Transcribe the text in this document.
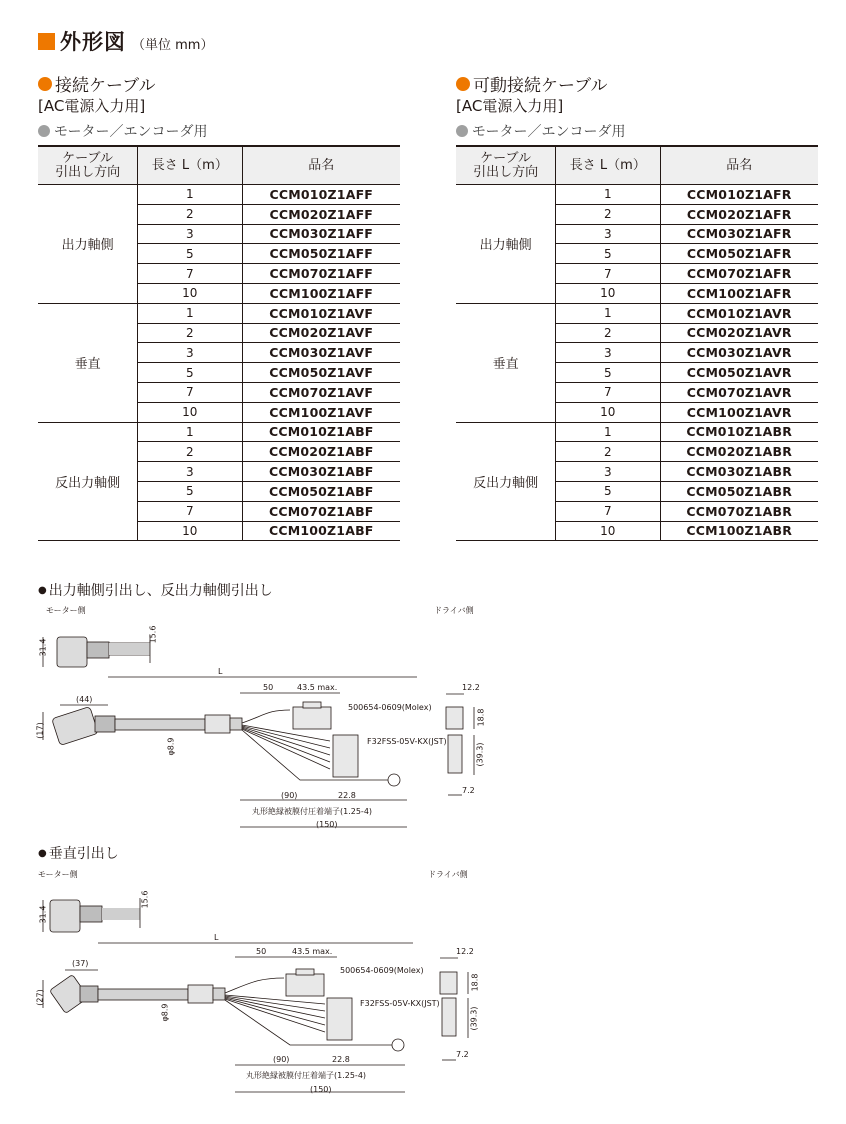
外形図 （単位 mm）
接続ケーブル
[AC電源入力用]
モーター／エンコーダ用
可動接続ケーブル
[AC電源入力用]
モーター／エンコーダ用
ケーブル
引出し方向	長さ L（m）	品名
出力軸側	1	CCM010Z1AFF
	2	CCM020Z1AFF
	3	CCM030Z1AFF
	5	CCM050Z1AFF
	7	CCM070Z1AFF
	10	CCM100Z1AFF
垂直	1	CCM010Z1AVF
	2	CCM020Z1AVF
	3	CCM030Z1AVF
	5	CCM050Z1AVF
	7	CCM070Z1AVF
	10	CCM100Z1AVF
反出力軸側	1	CCM010Z1ABF
	2	CCM020Z1ABF
	3	CCM030Z1ABF
	5	CCM050Z1ABF
	7	CCM070Z1ABF
	10	CCM100Z1ABF
ケーブル
引出し方向	長さ L（m）	品名
出力軸側	1	CCM010Z1AFR
	2	CCM020Z1AFR
	3	CCM030Z1AFR
	5	CCM050Z1AFR
	7	CCM070Z1AFR
	10	CCM100Z1AFR
垂直	1	CCM010Z1AVR
	2	CCM020Z1AVR
	3	CCM030Z1AVR
	5	CCM050Z1AVR
	7	CCM070Z1AVR
	10	CCM100Z1AVR
反出力軸側	1	CCM010Z1ABR
	2	CCM020Z1ABR
	3	CCM030Z1ABR
	5	CCM050Z1ABR
	7	CCM070Z1ABR
	10	CCM100Z1ABR
● 出力軸側引出し、反出力軸側引出し
モーター側	ドライバ側
31.4
15.6
L
(44)
(17)
50	43.5 max.
500654-0609(Molex)
F32FSS-05V-KX(JST)
φ8.9
12.2
18.8
(39.3)
7.2
(90)	22.8
丸形絶縁被膜付圧着端子(1.25-4)
(150)
● 垂直引出し
モーター側	ドライバ側
31.4
15.6
L
(37)
(27)
50	43.5 max.
500654-0609(Molex)
F32FSS-05V-KX(JST)
φ8.9
12.2
18.8
(39.3)
7.2
(90)	22.8
丸形絶縁被膜付圧着端子(1.25-4)
(150)
